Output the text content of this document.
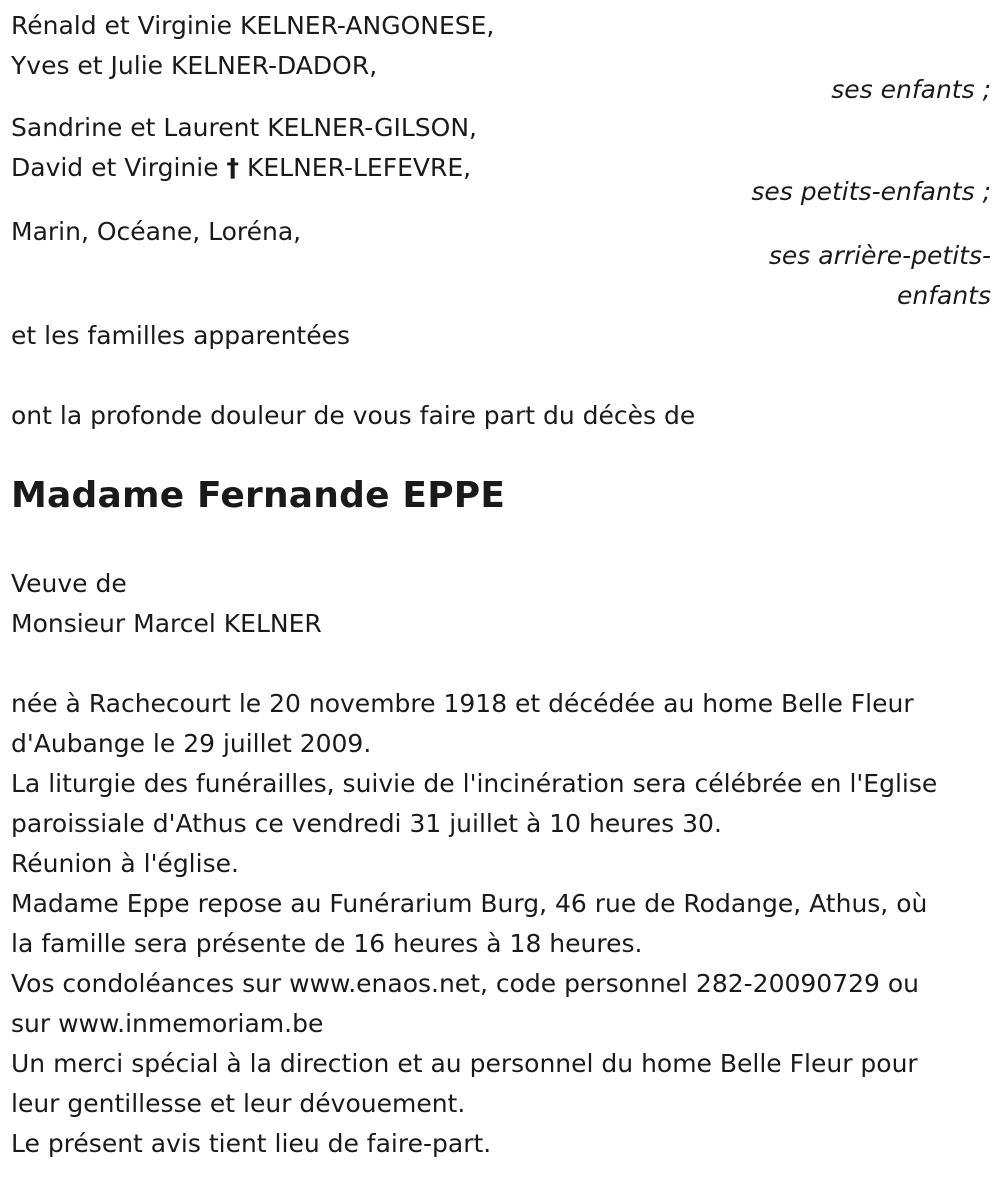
Rénald et Virginie KELNER-ANGONESE,

Yves et Julie KELNER-DADOR,

ses enfants ;

Sandrine et Laurent KELNER-GILSON,

David et Virginie † KELNER-LEFEVRE,

ses petits-enfants ;

Marin, Océane, Loréna,

ses arrière-petits-

enfants

et les familles apparentées

ont la profonde douleur de vous faire part du décès de

Madame Fernande EPPE

Veuve de

Monsieur Marcel KELNER

née à Rachecourt le 20 novembre 1918 et décédée au home Belle Fleur

d'Aubange le 29 juillet 2009.

La liturgie des funérailles, suivie de l'incinération sera célébrée en l'Eglise

paroissiale d'Athus ce vendredi 31 juillet à 10 heures 30.

Réunion à l'église.

Madame Eppe repose au Funérarium Burg, 46 rue de Rodange, Athus, où

la famille sera présente de 16 heures à 18 heures.

Vos condoléances sur www.enaos.net, code personnel 282-20090729 ou

sur www.inmemoriam.be

Un merci spécial à la direction et au personnel du home Belle Fleur pour

leur gentillesse et leur dévouement.

Le présent avis tient lieu de faire-part.
